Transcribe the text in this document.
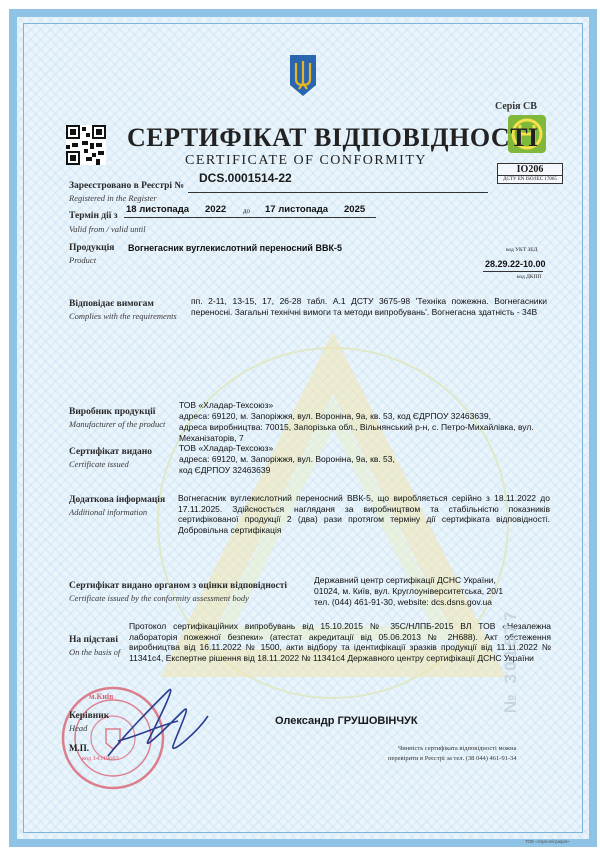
Серія СВ
IO206
ДСТУ EN ISO/IEC 17065
СЕРТИФІКАТ ВІДПОВІДНОСТІ
CERTIFICATE OF CONFORMITY
Зареєстровано в Реєстрі №
Registered in the Register
DCS.0001514-22
Термін дії з
Valid from / valid until
18 листопада 2022 до 17 листопада 2025
Продукція
Product
Вогнегасник вуглекислотний переносний ВВК-5	код УКТ ЗЕД
28.29.22-10.00
код ДКПП
Відповідає вимогам
Complies with the requirements
пп. 2-11, 13-15, 17, 26-28 табл. А.1 ДСТУ 3675-98 'Техніка пожежна. Вогнегасники переносні. Загальні технічні вимоги та методи випробувань'. Вогнегасна здатність - 34В
Виробник продукції
Manufacturer of the product
ТОВ «Хладар-Техсоюз»
адреса: 69120, м. Запоріжжя, вул. Вороніна, 9а, кв. 53, код ЄДРПОУ 32463639,
адреса виробництва: 70015, Запорізька обл., Вільнянський р-н, с. Петро-Михайлівка, вул. Механізаторів, 7
Сертифікат видано
Certificate issued
ТОВ «Хладар-Техсоюз»
адреса: 69120, м. Запоріжжя, вул. Вороніна, 9а, кв. 53,
код ЄДРПОУ 32463639
Додаткова інформація
Additional information
Вогнегасник вуглекислотний переносний ВВК-5, що виробляється серійно з 18.11.2022 до 17.11.2025. Здійсносться нагляданя за виробництвом та стабільністю показників сертифікованої продукції 2 (два) рази протягом терміну дії сертифіката відповідності. Добровільна сертифікація
Сертифікат видано органом з оцінки відповідності
Certificate issued by the conformity assessment body
Державний центр сертифікації ДСНС України,
01024, м. Київ, вул. Круглоуніверситетська, 20/1
тел. (044) 461-91-30, website: dcs.dsns.gov.ua
На підставі
On the basis of
Протокол сертифікаційних випробувань від 15.10.2015 № 35С/НЛПБ-2015 ВЛ ТОВ «Незалежна лабораторія пожежної безпеки» (атестат акредитації від 05.06.2013 № 2Н688). Акт обстеження виробництва від 16.11.2022 № 1500, акти відбору та ідентифікації зразків продукції від 11.11.2022 № 11341с4, Експертне рішення від 18.11.2022 № 11341с4 Державного центру сертифікації ДСНС України
м.Київ
код 14319663
Керівник
Head
М.П.
Олександр ГРУШОВІНЧУК
№ 301577
Чинність сертифіката відповідності можна
перевірити в Реєстрі за тел. (38 044) 461-91-34
ТОВ «Укрполіграфія»
